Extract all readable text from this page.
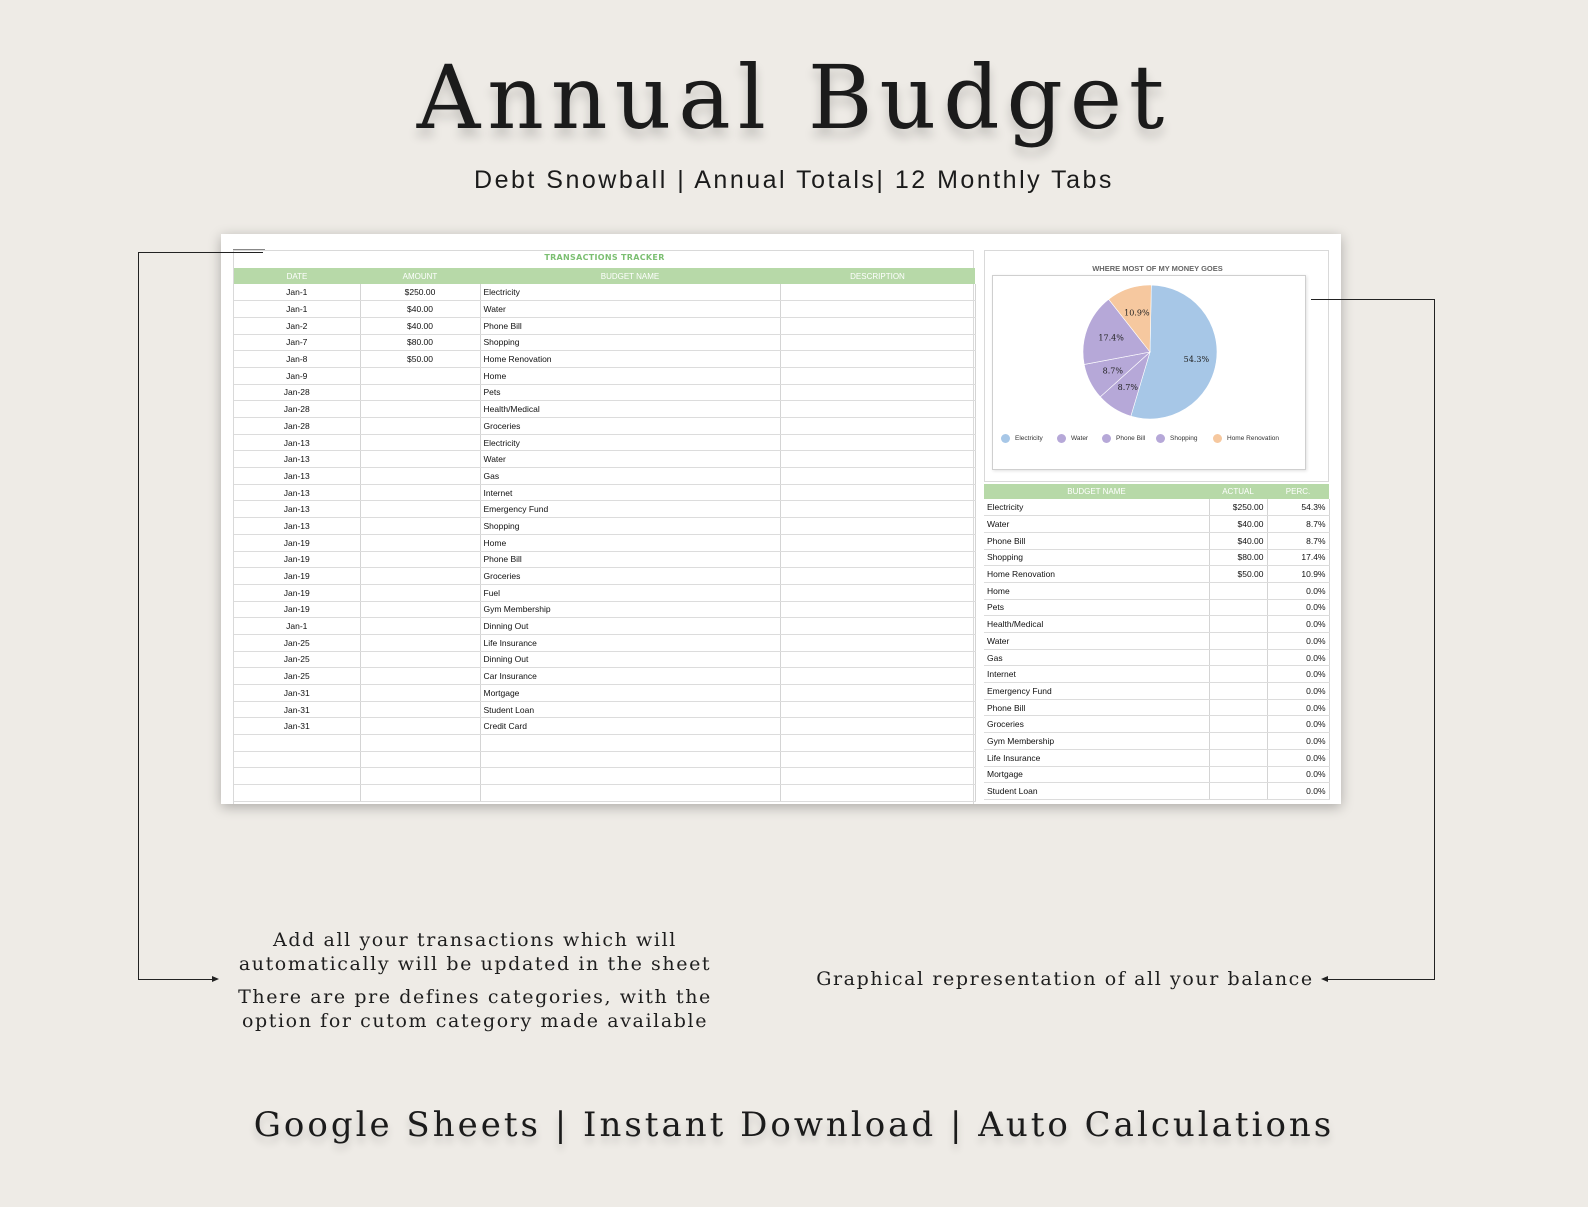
Annual Budget
Debt Snowball | Annual Totals| 12 Monthly Tabs
TRANSACTIONS TRACKER
DATE	AMOUNT	BUDGET NAME	DESCRIPTION
Jan-1	$250.00	Electricity	
Jan-1	$40.00	Water	
Jan-2	$40.00	Phone Bill	
Jan-7	$80.00	Shopping	
Jan-8	$50.00	Home Renovation	
Jan-9		Home	
Jan-28		Pets	
Jan-28		Health/Medical	
Jan-28		Groceries	
Jan-13		Electricity	
Jan-13		Water	
Jan-13		Gas	
Jan-13		Internet	
Jan-13		Emergency Fund	
Jan-13		Shopping	
Jan-19		Home	
Jan-19		Phone Bill	
Jan-19		Groceries	
Jan-19		Fuel	
Jan-19		Gym Membership	
Jan-1		Dinning Out	
Jan-25		Life Insurance	
Jan-25		Dinning Out	
Jan-25		Car Insurance	
Jan-31		Mortgage	
Jan-31		Student Loan	
Jan-31		Credit Card	

WHERE MOST OF MY MONEY GOES
54.3%
8.7%
8.7%
17.4%
10.9%
Electricity	Water	Phone Bill	Shopping	Home Renovation
BUDGET NAME	ACTUAL	PERC.
Electricity	$250.00	54.3%
Water	$40.00	8.7%
Phone Bill	$40.00	8.7%
Shopping	$80.00	17.4%
Home Renovation	$50.00	10.9%
Home		0.0%
Pets		0.0%
Health/Medical		0.0%
Water		0.0%
Gas		0.0%
Internet		0.0%
Emergency Fund		0.0%
Phone Bill		0.0%
Groceries		0.0%
Gym Membership		0.0%
Life Insurance		0.0%
Mortgage		0.0%
Student Loan		0.0%
Add all your transactions which will
automatically will be updated in the sheet
There are pre defines categories, with the
option for cutom category made available
Graphical representation of all your balance
Google Sheets | Instant Download | Auto Calculations
